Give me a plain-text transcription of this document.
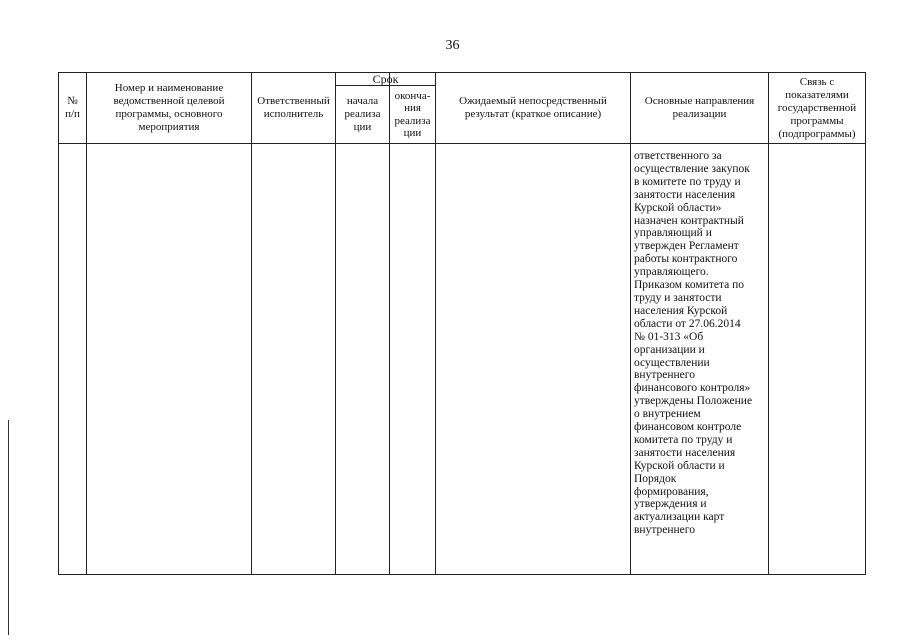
36
№
п/п
Номер и наименование
ведомственной целевой
программы, основного
мероприятия
Ответственный
исполнитель
Срок
начала
реализа
ции
оконча-
ния
реализа
ции
Ожидаемый непосредственный
результат (краткое описание)
Основные направления
реализации
Связь с
показателями
государственной
программы
(подпрограммы)
ответственного за
осуществление закупок
в комитете по труду и
занятости населения
Курской области»
назначен контрактный
управляющий и
утвержден Регламент
работы контрактного
управляющего.
Приказом комитета по
труду и занятости
населения Курской
области от 27.06.2014
№ 01-313 «Об
организации и
осуществлении
внутреннего
финансового контроля»
утверждены Положение
о внутрением
финансовом контроле
комитета по труду и
занятости населения
Курской области и
Порядок
формирования,
утверждения и
актуализации карт
внутреннего
